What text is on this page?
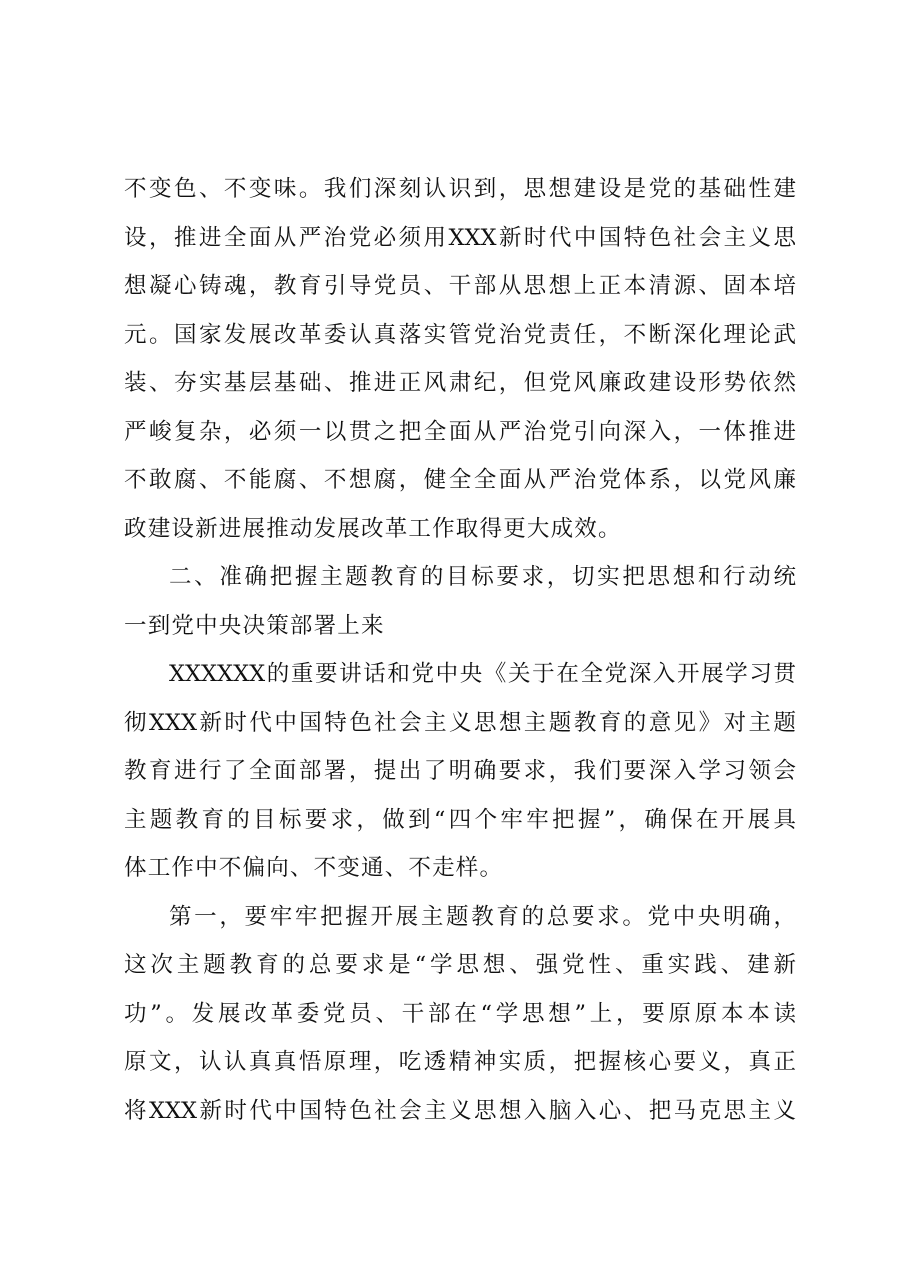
不变色、不变味。我们深刻认识到，思想建设是党的基础性建
设，推进全面从严治党必须用XXX新时代中国特色社会主义思
想凝心铸魂，教育引导党员、干部从思想上正本清源、固本培
元。国家发展改革委认真落实管党治党责任，不断深化理论武
装、夯实基层基础、推进正风肃纪，但党风廉政建设形势依然
严峻复杂，必须一以贯之把全面从严治党引向深入，一体推进
不敢腐、不能腐、不想腐，健全全面从严治党体系，以党风廉
政建设新进展推动发展改革工作取得更大成效。
二、准确把握主题教育的目标要求，切实把思想和行动统
一到党中央决策部署上来
XXXXXX的重要讲话和党中央《关于在全党深入开展学习贯
彻XXX新时代中国特色社会主义思想主题教育的意见》对主题
教育进行了全面部署，提出了明确要求，我们要深入学习领会
主题教育的目标要求，做到“四个牢牢把握”，确保在开展具
体工作中不偏向、不变通、不走样。
第一，要牢牢把握开展主题教育的总要求。党中央明确，
这次主题教育的总要求是“学思想、强党性、重实践、建新
功”。发展改革委党员、干部在“学思想”上，要原原本本读
原文，认认真真悟原理，吃透精神实质，把握核心要义，真正
将XXX新时代中国特色社会主义思想入脑入心、把马克思主义
